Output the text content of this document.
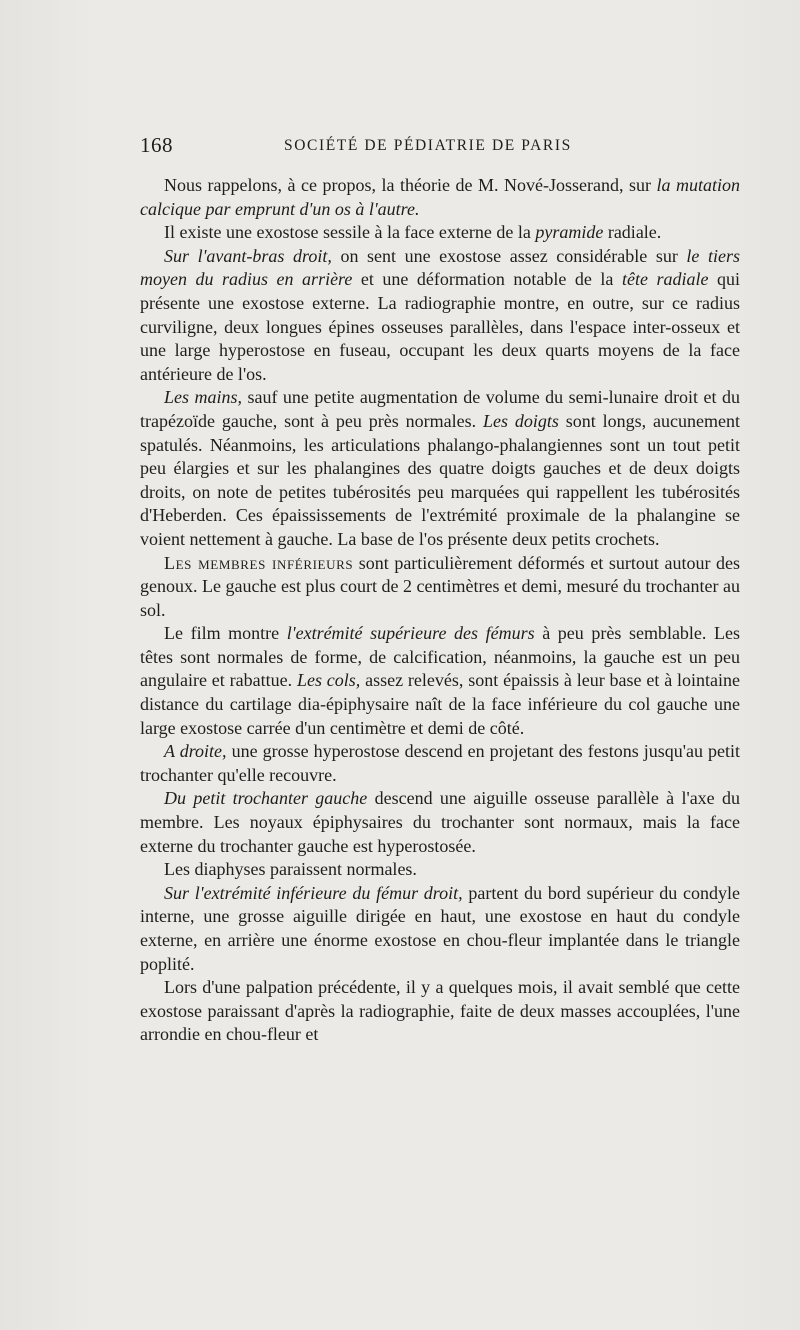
168	SOCIÉTÉ DE PÉDIATRIE DE PARIS

Nous rappelons, à ce propos, la théorie de M. Nové-Josserand, sur la mutation calcique par emprunt d'un os à l'autre.

Il existe une exostose sessile à la face externe de la pyramide radiale.

Sur l'avant-bras droit, on sent une exostose assez considérable sur le tiers moyen du radius en arrière et une déformation notable de la tête radiale qui présente une exostose externe. La radiographie montre, en outre, sur ce radius curviligne, deux longues épines osseuses parallèles, dans l'espace inter-osseux et une large hyperostose en fuseau, occupant les deux quarts moyens de la face antérieure de l'os.

Les mains, sauf une petite augmentation de volume du semi-lunaire droit et du trapézoïde gauche, sont à peu près normales. Les doigts sont longs, aucunement spatulés. Néanmoins, les articulations phalango-phalangiennes sont un tout petit peu élargies et sur les phalangines des quatre doigts gauches et de deux doigts droits, on note de petites tubérosités peu marquées qui rappellent les tubérosités d'Heberden. Ces épaississements de l'extrémité proximale de la phalangine se voient nettement à gauche. La base de l'os présente deux petits crochets.

Les membres inférieurs sont particulièrement déformés et surtout autour des genoux. Le gauche est plus court de 2 centimètres et demi, mesuré du trochanter au sol.

Le film montre l'extrémité supérieure des fémurs à peu près semblable. Les têtes sont normales de forme, de calcification, néanmoins, la gauche est un peu angulaire et rabattue. Les cols, assez relevés, sont épaissis à leur base et à lointaine distance du cartilage dia-épiphysaire naît de la face inférieure du col gauche une large exostose carrée d'un centimètre et demi de côté.

A droite, une grosse hyperostose descend en projetant des festons jusqu'au petit trochanter qu'elle recouvre.

Du petit trochanter gauche descend une aiguille osseuse parallèle à l'axe du membre. Les noyaux épiphysaires du trochanter sont normaux, mais la face externe du trochanter gauche est hyperostosée.

Les diaphyses paraissent normales.

Sur l'extrémité inférieure du fémur droit, partent du bord supérieur du condyle interne, une grosse aiguille dirigée en haut, une exostose en haut du condyle externe, en arrière une énorme exostose en chou-fleur implantée dans le triangle poplité.

Lors d'une palpation précédente, il y a quelques mois, il avait semblé que cette exostose paraissant d'après la radiographie, faite de deux masses accouplées, l'une arrondie en chou-fleur et
